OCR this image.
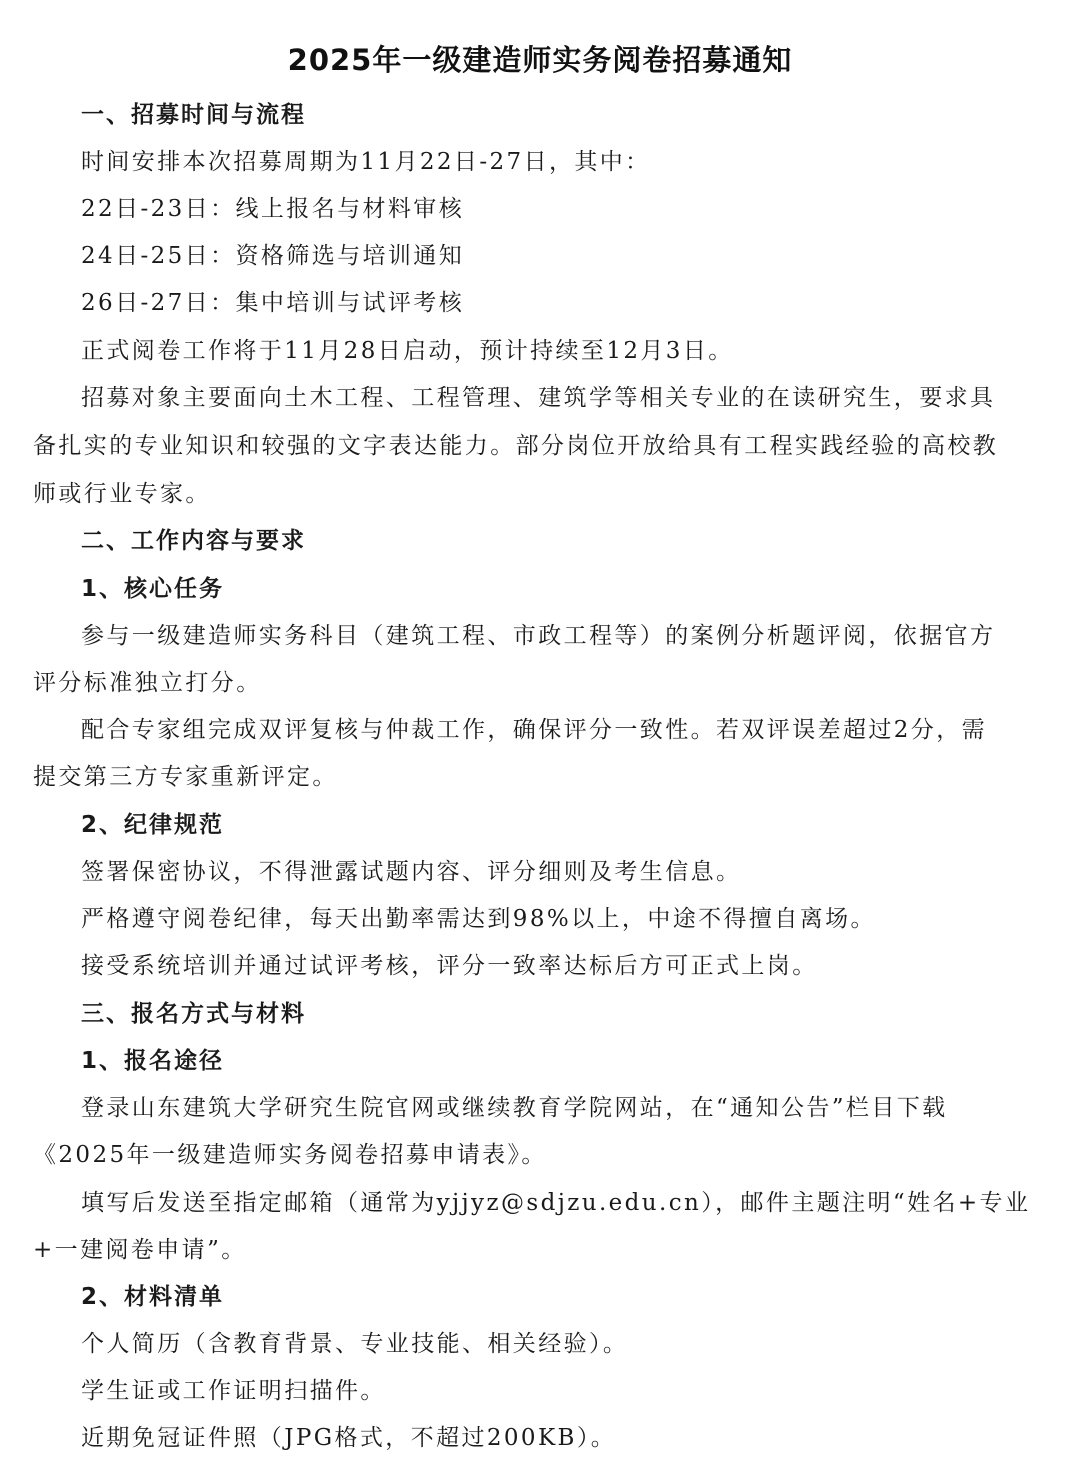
2025年一级建造师实务阅卷招募通知
一、招募时间与流程
时间安排本次招募周期为11月22日-27日，其中：
22日-23日：线上报名与材料审核
24日-25日：资格筛选与培训通知
26日-27日：集中培训与试评考核
正式阅卷工作将于11月28日启动，预计持续至12月3日。
招募对象主要面向土木工程、工程管理、建筑学等相关专业的在读研究生，要求具
备扎实的专业知识和较强的文字表达能力。部分岗位开放给具有工程实践经验的高校教
师或行业专家。
二、工作内容与要求
1、核心任务
参与一级建造师实务科目（建筑工程、市政工程等）的案例分析题评阅，依据官方
评分标准独立打分。
配合专家组完成双评复核与仲裁工作，确保评分一致性。若双评误差超过2分，需
提交第三方专家重新评定。
2、纪律规范
签署保密协议，不得泄露试题内容、评分细则及考生信息。
严格遵守阅卷纪律，每天出勤率需达到98%以上，中途不得擅自离场。
接受系统培训并通过试评考核，评分一致率达标后方可正式上岗。
三、报名方式与材料
1、报名途径
登录山东建筑大学研究生院官网或继续教育学院网站，在“通知公告”栏目下载
《2025年一级建造师实务阅卷招募申请表》。
填写后发送至指定邮箱（通常为yjjyz@sdjzu.edu.cn），邮件主题注明“姓名+专业
+一建阅卷申请”。
2、材料清单
个人简历（含教育背景、专业技能、相关经验）。
学生证或工作证明扫描件。
近期免冠证件照（JPG格式，不超过200KB）。
